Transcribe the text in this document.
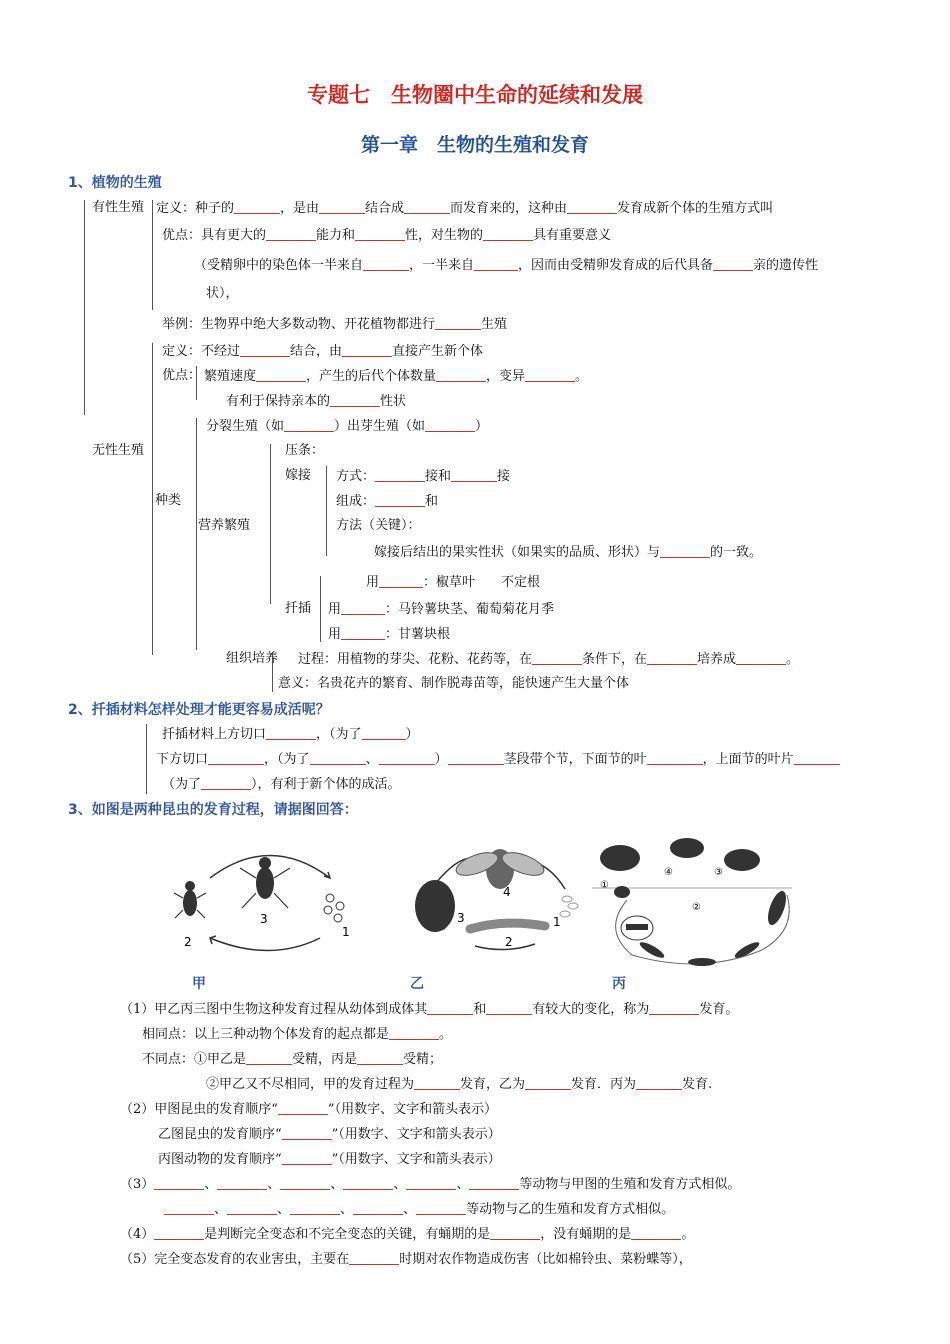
专题七　生物圈中生命的延续和发展
第一章　生物的生殖和发育
1、植物的生殖
有性生殖 定义：种子的	，是由	结合成	而发育来的，这种由	发育成新个体的生殖方式叫
优点：具有更大的	能力和	性，对生物的	具有重要意义
（受精卵中的染色体一半来自	，一半来自	，因而由受精卵发育成的后代具备	亲的遗传性
状），
举例：生物界中绝大多数动物、开花植物都进行	生殖
定义：不经过	结合，由	直接产生新个体
优点： 繁殖速度	，产生的后代个体数量	，变异	。
有利于保持亲本的	性状
分裂生殖（如	）出芽生殖（如	）
无性生殖	压条：
嫁接 方式：	接和	接
种类	组成：	和
营养繁殖	方法（关键）：
嫁接后结出的果实性状（如果实的品质、形状）与	的一致。
用	：椒草叶　　不定根
扦插 用	：马铃薯块茎、葡萄菊花月季
用	：甘薯块根
组织培养 过程：用植物的芽尖、花粉、花药等，在	条件下，在	培养成	。
意义：名贵花卉的繁育、制作脱毒苗等，能快速产生大量个体
2、扦插材料怎样处理才能更容易成活呢？
扦插材料上方切口	，（为了	）
下方切口	，（为了	、	）	茎段带个节，下面节的叶	，上面节的叶片
（为了	），有利于新个体的成活。
3、如图是两种昆虫的发育过程，请据图回答：
3
2
1
4
3
2
1
④	③
②
①
甲	乙	丙
（1）甲乙丙三图中生物这种发育过程从幼体到成体其	和	有较大的变化，称为	发育。
相同点：以上三种动物个体发育的起点都是	。
不同点：①甲乙是	受精，丙是	受精；
②甲乙又不尽相同，甲的发育过程为	发育，乙为	发育．丙为	发育.
（2）甲图昆虫的发育顺序“	”（用数字、文字和箭头表示）
乙图昆虫的发育顺序“	”（用数字、文字和箭头表示）
丙图动物的发育顺序“	”（用数字、文字和箭头表示）
（3）	、	、	、	、	、	等动物与甲图的生殖和发育方式相似。
、	、	、	、	等动物与乙的生殖和发育方式相似。
（4）	是判断完全变态和不完全变态的关键，有蛹期的是	，没有蛹期的是	。
（5）完全变态发育的农业害虫，主要在	时期对农作物造成伤害（比如棉铃虫、菜粉蝶等），
